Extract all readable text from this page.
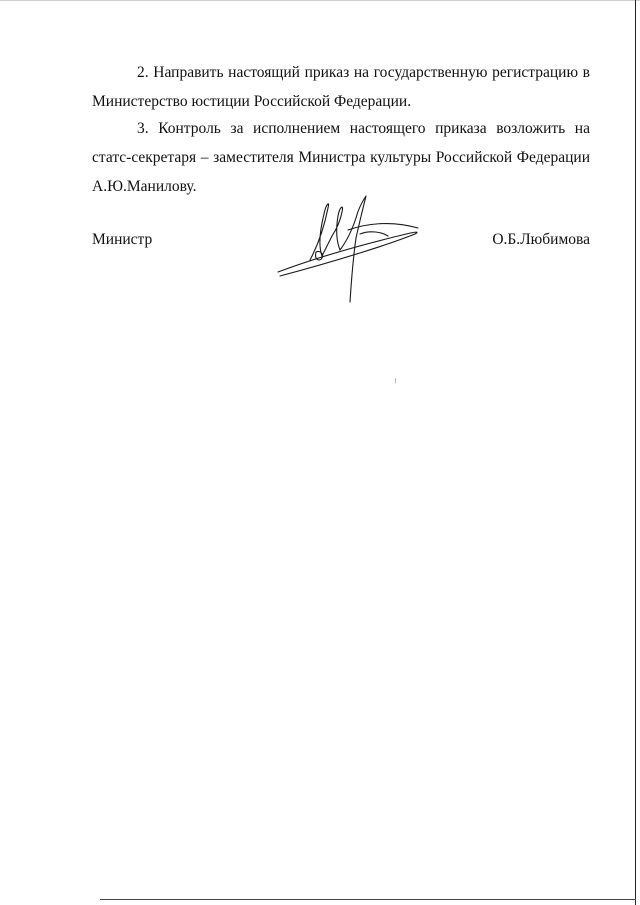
2. Направить настоящий приказ на государственную регистрацию в
Министерство юстиции Российской Федерации.
3. Контроль за исполнением настоящего приказа возложить на
статс-секретаря – заместителя Министра культуры Российской Федерации
А.Ю.Манилову.
Министр	О.Б.Любимова
